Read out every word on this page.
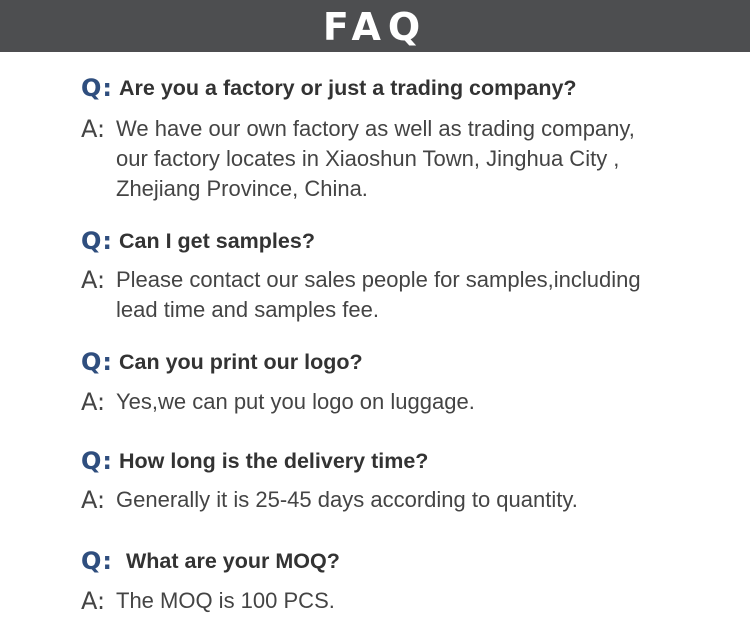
FAQ
Q: Are you a factory or just a trading company?
A: We have our own factory as well as trading company,
our factory locates in Xiaoshun Town, Jinghua City ,
Zhejiang Province, China.
Q: Can I get samples?
A: Please contact our sales people for samples,including
lead time and samples fee.
Q: Can you print our logo?
A: Yes,we can put you logo on luggage.
Q: How long is the delivery time?
A: Generally it is 25-45 days according to quantity.
Q: What are your MOQ?
A: The MOQ is 100 PCS.
